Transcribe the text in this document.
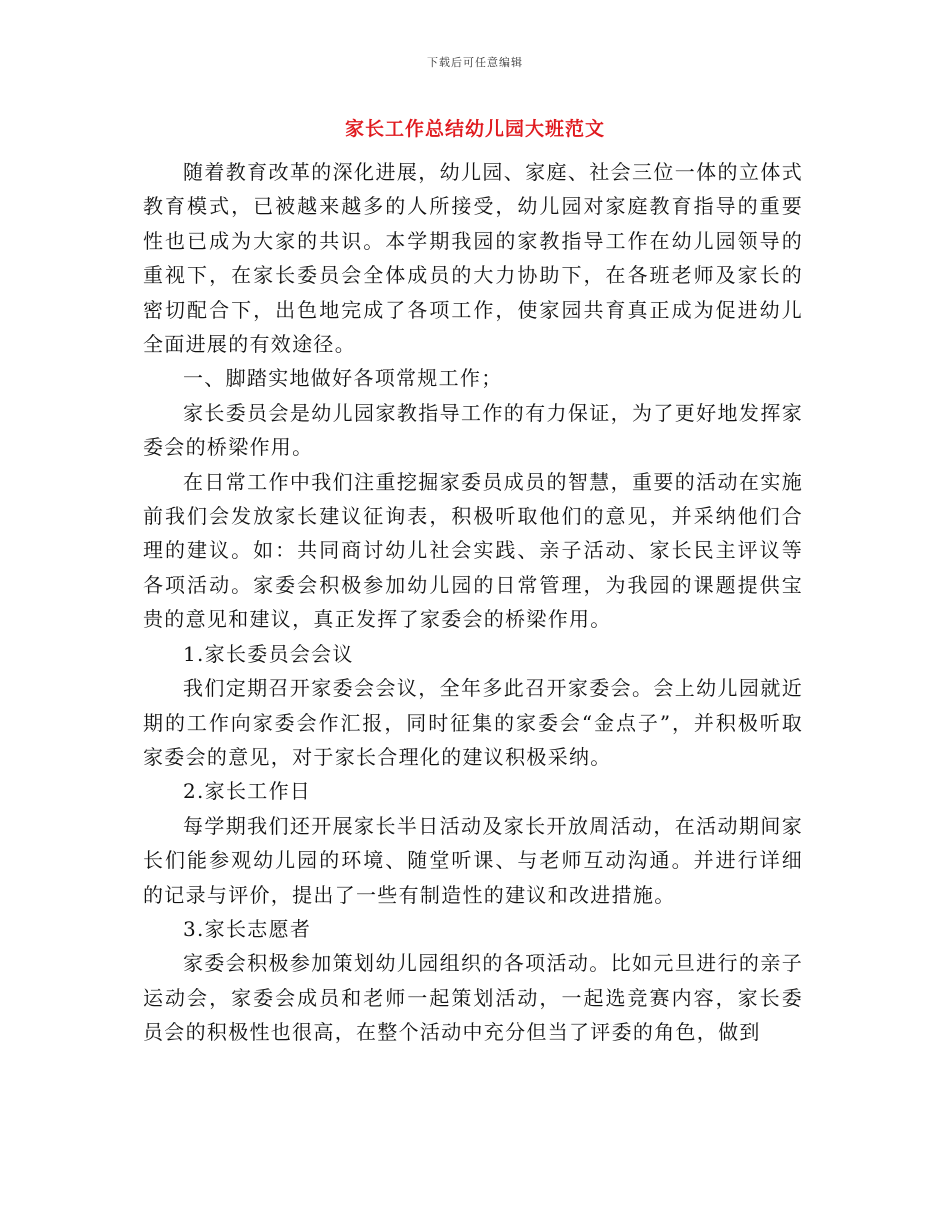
下载后可任意编辑
家长工作总结幼儿园大班范文

随着教育改革的深化进展，幼儿园、家庭、社会三位一体的立体式教育模式，已被越来越多的人所接受，幼儿园对家庭教育指导的重要性也已成为大家的共识。本学期我园的家教指导工作在幼儿园领导的重视下，在家长委员会全体成员的大力协助下，在各班老师及家长的密切配合下，出色地完成了各项工作，使家园共育真正成为促进幼儿全面进展的有效途径。

一、脚踏实地做好各项常规工作；

家长委员会是幼儿园家教指导工作的有力保证，为了更好地发挥家委会的桥梁作用。

在日常工作中我们注重挖掘家委员成员的智慧，重要的活动在实施前我们会发放家长建议征询表，积极听取他们的意见，并采纳他们合理的建议。如：共同商讨幼儿社会实践、亲子活动、家长民主评议等各项活动。家委会积极参加幼儿园的日常管理，为我园的课题提供宝贵的意见和建议，真正发挥了家委会的桥梁作用。

1.家长委员会会议

我们定期召开家委会会议，全年多此召开家委会。会上幼儿园就近期的工作向家委会作汇报，同时征集的家委会“金点子”，并积极听取家委会的意见，对于家长合理化的建议积极采纳。

2.家长工作日

每学期我们还开展家长半日活动及家长开放周活动，在活动期间家长们能参观幼儿园的环境、随堂听课、与老师互动沟通。并进行详细的记录与评价，提出了一些有制造性的建议和改进措施。

3.家长志愿者

家委会积极参加策划幼儿园组织的各项活动。比如元旦进行的亲子运动会，家委会成员和老师一起策划活动，一起选竞赛内容，家长委员会的积极性也很高，在整个活动中充分但当了评委的角色，做到
